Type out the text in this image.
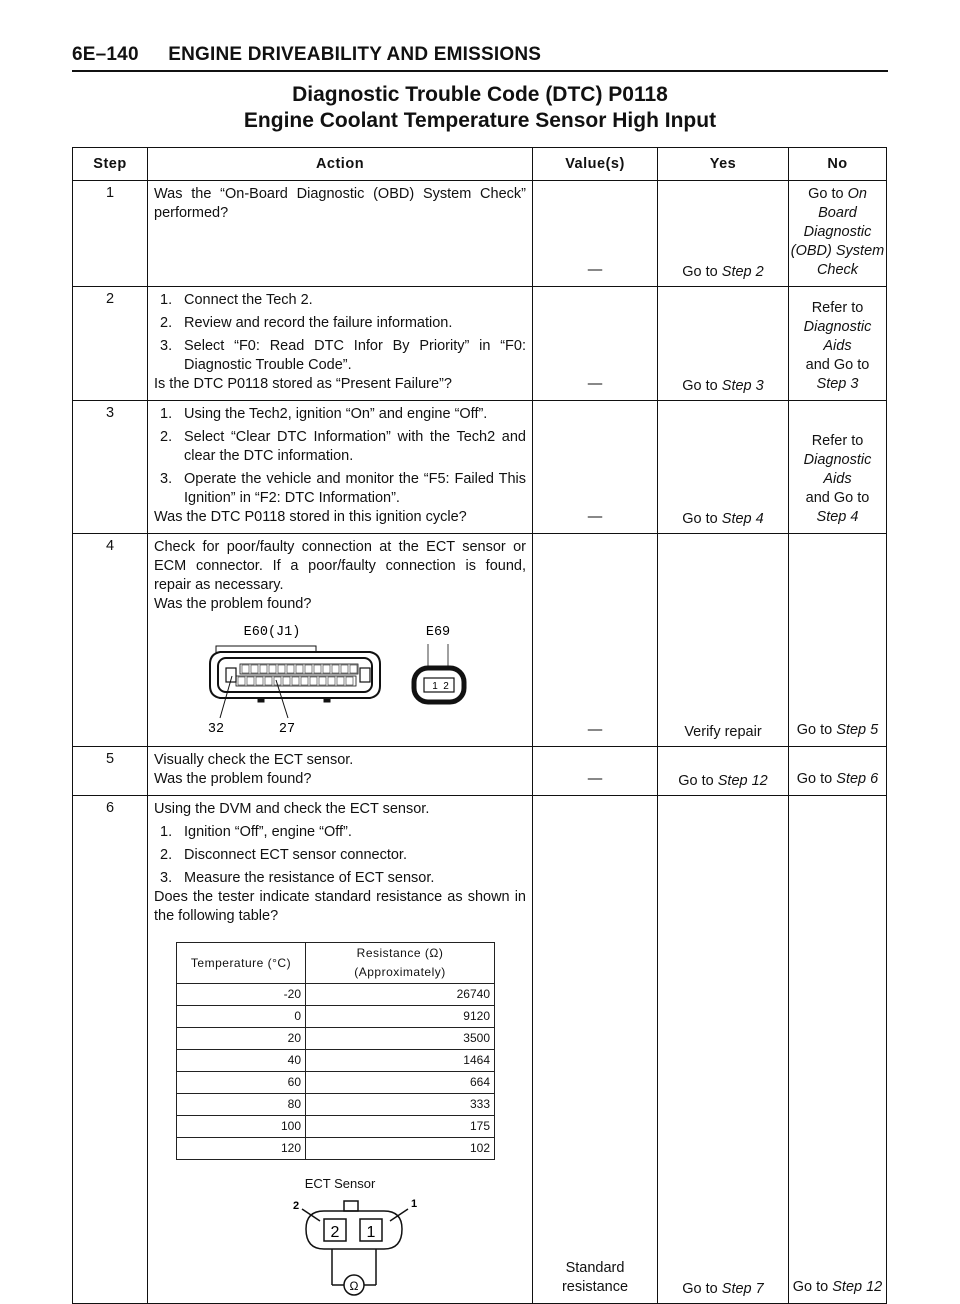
6E–140 ENGINE DRIVEABILITY AND EMISSIONS
Diagnostic Trouble Code (DTC) P0118
Engine Coolant Temperature Sensor High Input
Step	Action	Value(s)	Yes	No
1	Was the “On-Board Diagnostic (OBD) System Check” performed?	—	Go to Step 2	Go to On Board Diagnostic (OBD) System Check
2	1. Connect the Tech 2.
2. Review and record the failure information.
3. Select “F0: Read DTC Infor By Priority” in “F0: Diagnostic Trouble Code”.
Is the DTC P0118 stored as “Present Failure”?	—	Go to Step 3	Refer to
Diagnostic Aids
and Go to Step 3
3	1. Using the Tech2, ignition “On” and engine “Off”.
2. Select “Clear DTC Information” with the Tech2 and clear the DTC information.
3. Operate the vehicle and monitor the “F5: Failed This Ignition” in “F2: DTC Information”.
Was the DTC P0118 stored in this ignition cycle?	—	Go to Step 4	Refer to
Diagnostic Aids
and Go to Step 4
4	Check for poor/faulty connection at the ECT sensor or ECM connector. If a poor/faulty connection is found, repair as necessary.
Was the problem found?
E60(J1)	E69
32	27
1 2
	—	Verify repair	Go to Step 5
5	Visually check the ECT sensor.
Was the problem found?	—	Go to Step 12	Go to Step 6
6	Using the DVM and check the ECT sensor.
1. Ignition “Off”, engine “Off”.
2. Disconnect ECT sensor connector.
3. Measure the resistance of ECT sensor.
Does the tester indicate standard resistance as shown in the following table?
Temperature (°C)	Resistance (Ω) (Approximately)
-20	26740
0	9120
20	3500
40	1464
60	664
80	333
100	175
120	102
ECT Sensor
2 1
2	1
Ω
	Standard
resistance	Go to Step 7	Go to Step 12
